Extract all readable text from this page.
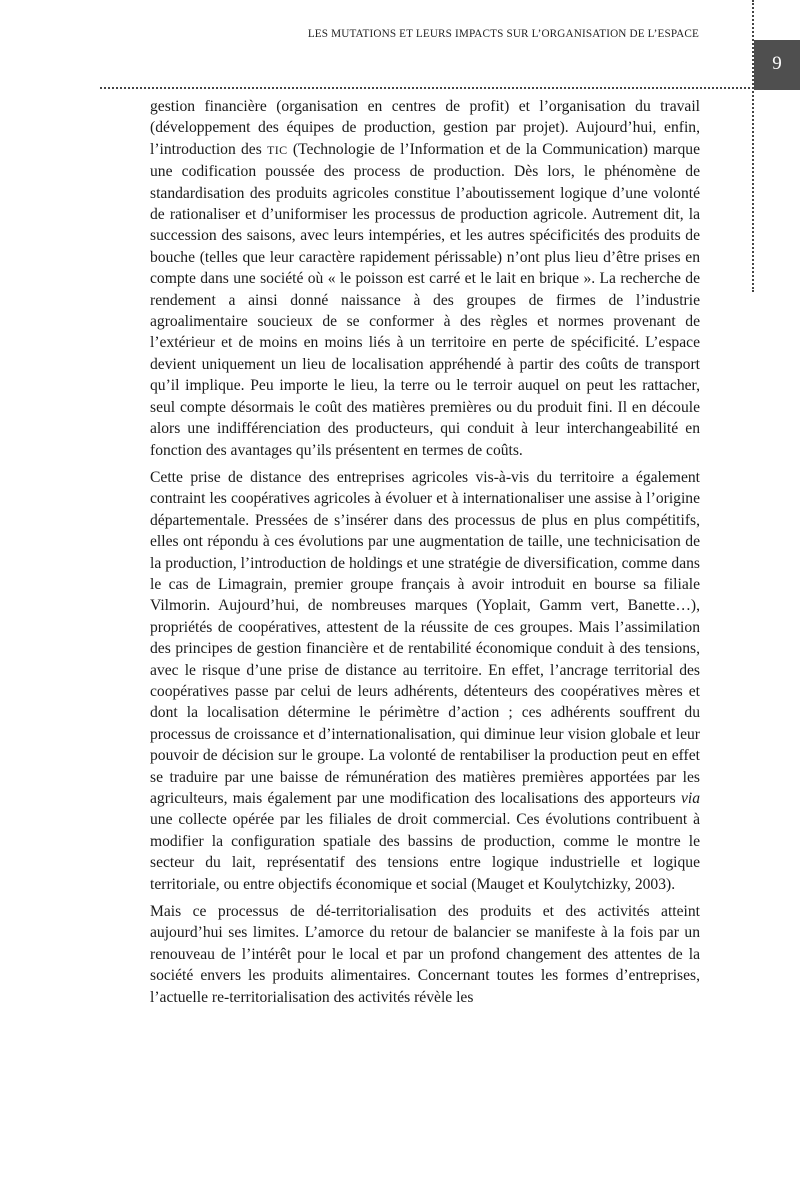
LES MUTATIONS ET LEURS IMPACTS SUR L’ORGANISATION DE L’ESPACE
9

gestion financière (organisation en centres de profit) et l’organisation du travail (développement des équipes de production, gestion par projet). Aujourd’hui, enfin, l’introduction des TIC (Technologie de l’Information et de la Communication) marque une codification poussée des process de production. Dès lors, le phénomène de standardisation des produits agricoles constitue l’aboutissement logique d’une volonté de rationaliser et d’uniformiser les processus de production agricole. Autrement dit, la succession des saisons, avec leurs intempéries, et les autres spécificités des produits de bouche (telles que leur caractère rapidement périssable) n’ont plus lieu d’être prises en compte dans une société où « le poisson est carré et le lait en brique ». La recherche de rendement a ainsi donné naissance à des groupes de firmes de l’industrie agroalimentaire soucieux de se conformer à des règles et normes provenant de l’extérieur et de moins en moins liés à un territoire en perte de spécificité. L’espace devient uniquement un lieu de localisation appréhendé à partir des coûts de transport qu’il implique. Peu importe le lieu, la terre ou le terroir auquel on peut les rattacher, seul compte désormais le coût des matières premières ou du produit fini. Il en découle alors une indifférenciation des producteurs, qui conduit à leur interchangeabilité en fonction des avantages qu’ils présentent en termes de coûts.

Cette prise de distance des entreprises agricoles vis-à-vis du territoire a également contraint les coopératives agricoles à évoluer et à internationaliser une assise à l’origine départementale. Pressées de s’insérer dans des processus de plus en plus compétitifs, elles ont répondu à ces évolutions par une augmentation de taille, une technicisation de la production, l’introduction de holdings et une stratégie de diversification, comme dans le cas de Limagrain, premier groupe français à avoir introduit en bourse sa filiale Vilmorin. Aujourd’hui, de nombreuses marques (Yoplait, Gamm vert, Banette…), propriétés de coopératives, attestent de la réussite de ces groupes. Mais l’assimilation des principes de gestion financière et de rentabilité économique conduit à des tensions, avec le risque d’une prise de distance au territoire. En effet, l’ancrage territorial des coopératives passe par celui de leurs adhérents, détenteurs des coopératives mères et dont la localisation détermine le périmètre d’action ; ces adhérents souffrent du processus de croissance et d’internationalisation, qui diminue leur vision globale et leur pouvoir de décision sur le groupe. La volonté de rentabiliser la production peut en effet se traduire par une baisse de rémunération des matières premières apportées par les agriculteurs, mais également par une modification des localisations des apporteurs via une collecte opérée par les filiales de droit commercial. Ces évolutions contribuent à modifier la configuration spatiale des bassins de production, comme le montre le secteur du lait, représentatif des tensions entre logique industrielle et logique territoriale, ou entre objectifs économique et social (Mauget et Koulytchizky, 2003).

Mais ce processus de dé-territorialisation des produits et des activités atteint aujourd’hui ses limites. L’amorce du retour de balancier se manifeste à la fois par un renouveau de l’intérêt pour le local et par un profond changement des attentes de la société envers les produits alimentaires. Concernant toutes les formes d’entreprises, l’actuelle re-territorialisation des activités révèle les
